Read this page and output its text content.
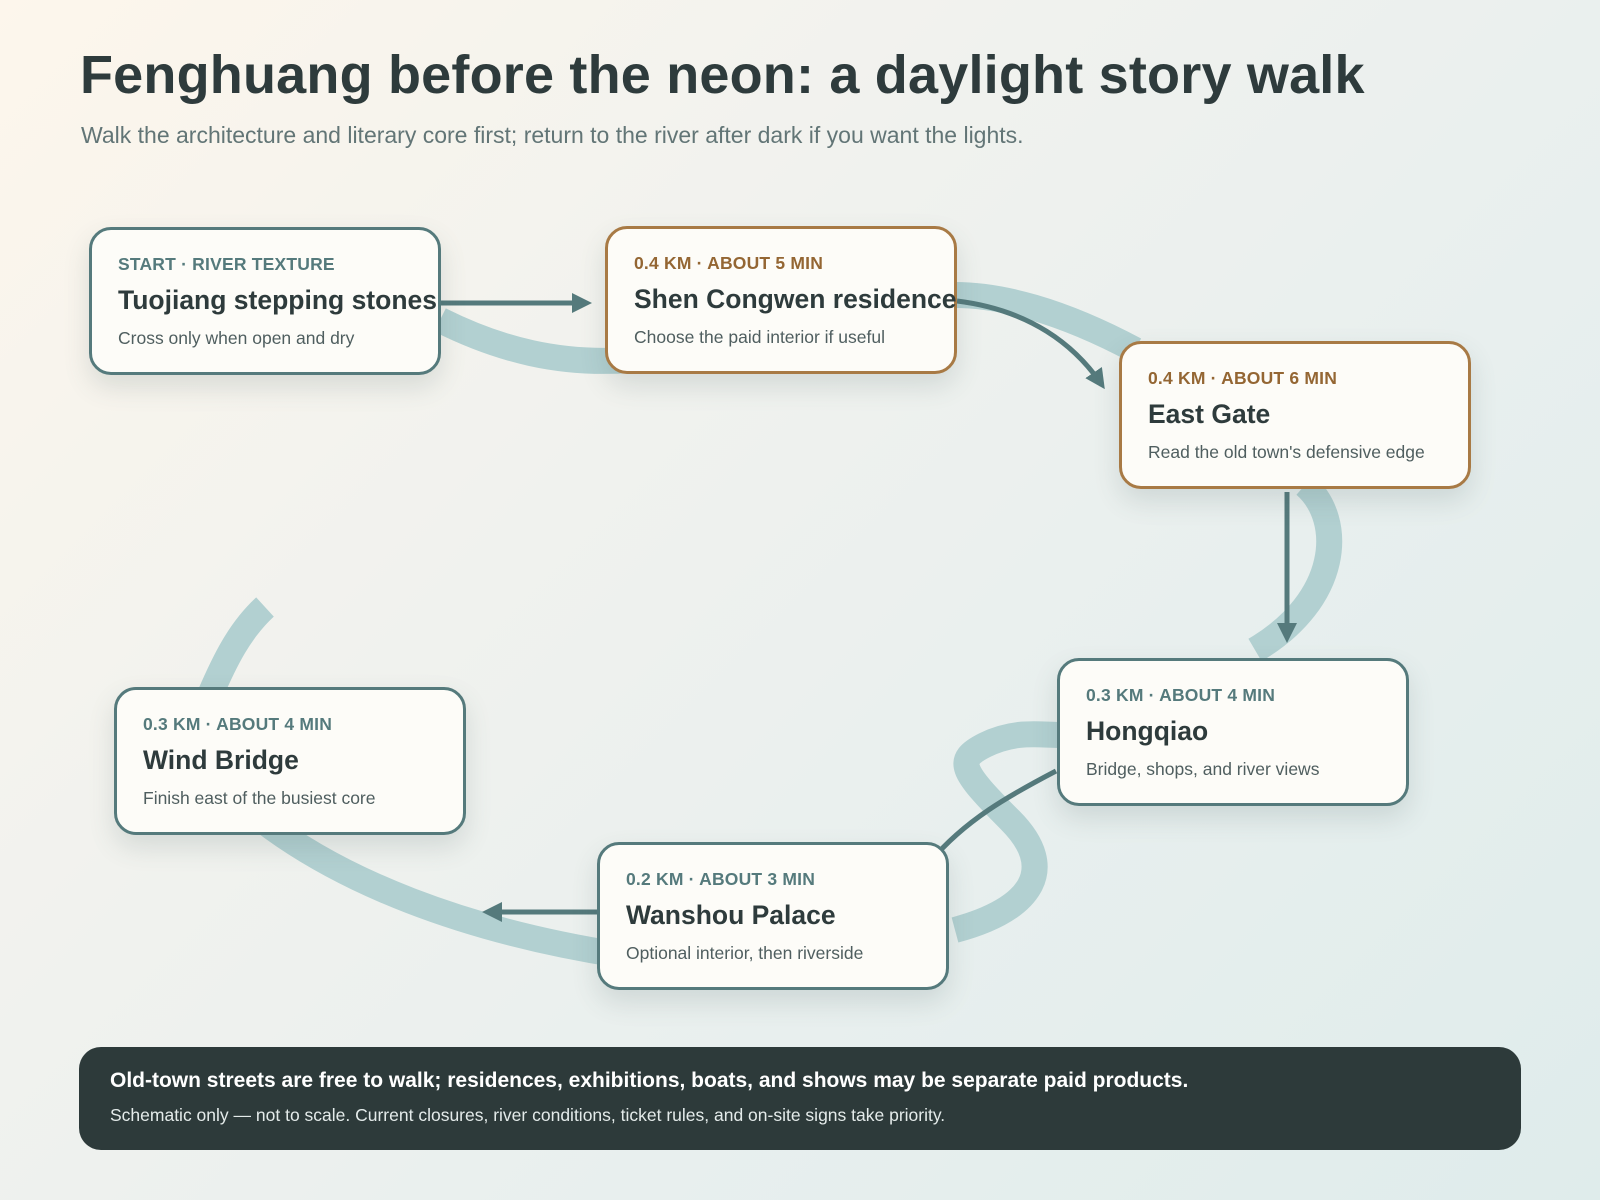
Fenghuang before the neon: a daylight story walk

Walk the architecture and literary core first; return to the river after dark if you want the lights.

START · RIVER TEXTURE
Tuojiang stepping stones
Cross only when open and dry
0.4 KM · ABOUT 5 MIN
Shen Congwen residence
Choose the paid interior if useful
0.4 KM · ABOUT 6 MIN
East Gate
Read the old town's defensive edge
0.3 KM · ABOUT 4 MIN
Hongqiao
Bridge, shops, and river views
0.2 KM · ABOUT 3 MIN
Wanshou Palace
Optional interior, then riverside
0.3 KM · ABOUT 4 MIN
Wind Bridge
Finish east of the busiest core
Old-town streets are free to walk; residences, exhibitions, boats, and shows may be separate paid products.
Schematic only — not to scale. Current closures, river conditions, ticket rules, and on-site signs take priority.
